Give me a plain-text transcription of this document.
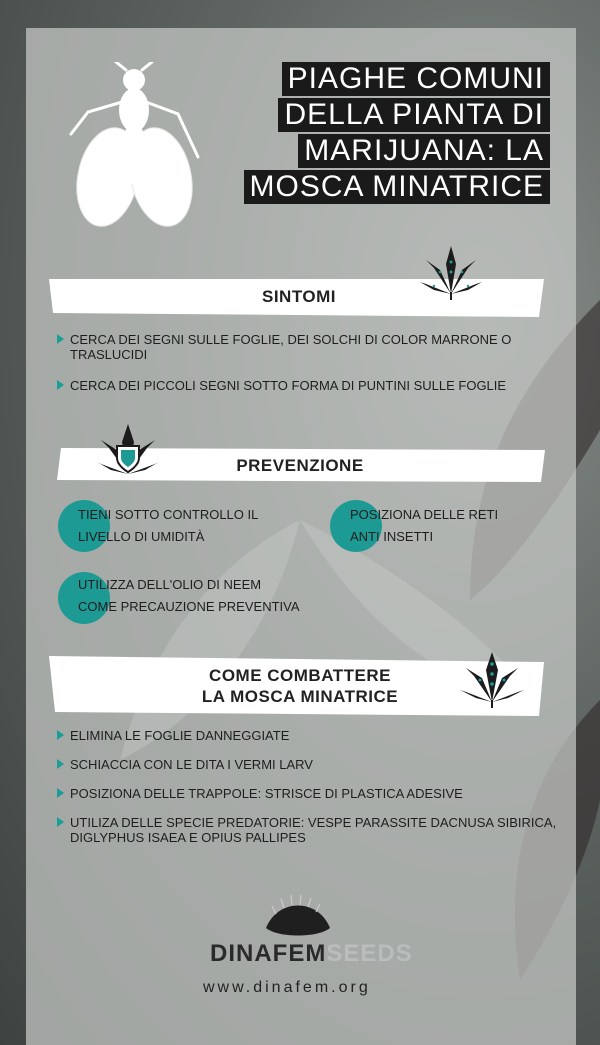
PIAGHE COMUNI
DELLA PIANTA DI
MARIJUANA: LA
MOSCA MINATRICE
SINTOMI
CERCA DEI SEGNI SULLE FOGLIE, DEI SOLCHI DI COLOR MARRONE O TRASLUCIDI
CERCA DEI PICCOLI SEGNI SOTTO FORMA DI PUNTINI SULLE FOGLIE
PREVENZIONE
TIENI SOTTO CONTROLLO IL
LIVELLO DI UMIDITÀ
POSIZIONA DELLE RETI
ANTI INSETTI
UTILIZZA DELL'OLIO DI NEEM
COME PRECAUZIONE PREVENTIVA
COME COMBATTERE
LA MOSCA MINATRICE
ELIMINA LE FOGLIE DANNEGGIATE
SCHIACCIA CON LE DITA I VERMI LARV
POSIZIONA DELLE TRAPPOLE: STRISCE DI PLASTICA ADESIVE
UTILIZA DELLE SPECIE PREDATORIE: VESPE PARASSITE DACNUSA SIBIRICA, DIGLYPHUS ISAEA E OPIUS PALLIPES
DINAFEMSEEDS
www.dinafem.org
